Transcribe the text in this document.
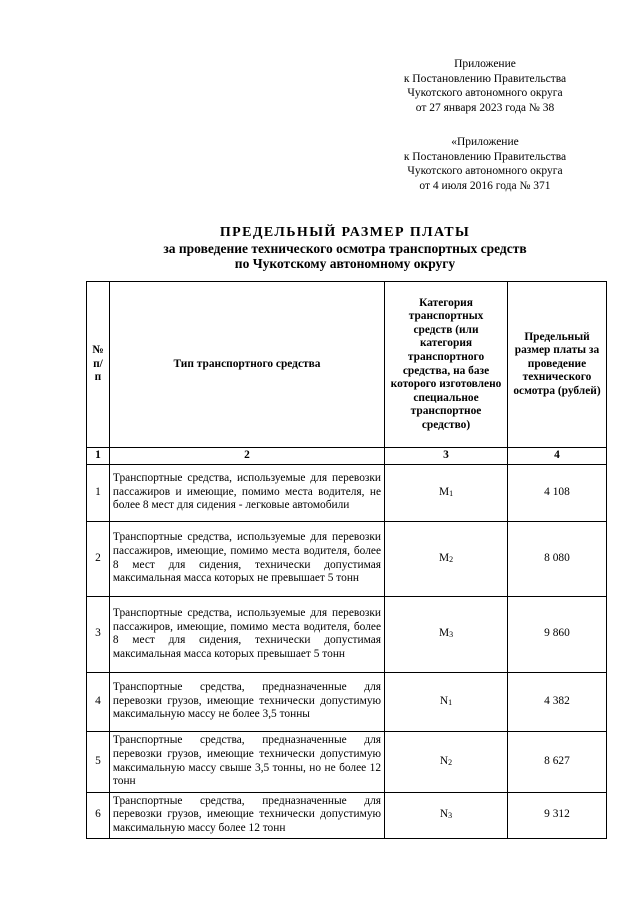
Приложение
к Постановлению Правительства
Чукотского автономного округа
от 27 января 2023 года № 38
«Приложение
к Постановлению Правительства
Чукотского автономного округа
от 4 июля 2016 года № 371
ПРЕДЕЛЬНЫЙ РАЗМЕР ПЛАТЫ
за проведение технического осмотра транспортных средств
по Чукотскому автономному округу
№ п/п	Тип транспортного средства	Категория транспортных средств (или категория транспортного средства, на базе которого изготовлено специальное транспортное средство)	Предельный размер платы за проведение технического осмотра (рублей)
1	2	3	4
1	Транспортные средства, используемые для перевозки пассажиров и имеющие, помимо места водителя, не более 8 мест для сидения - легковые автомобили	$M_1$	4 108
2	Транспортные средства, используемые для перевозки пассажиров, имеющие, помимо места водителя, более 8 мест для сидения, технически допустимая максимальная масса которых не превышает 5 тонн	$M_2$	8 080
3	Транспортные средства, используемые для перевозки пассажиров, имеющие, помимо места водителя, более 8 мест для сидения, технически допустимая максимальная масса которых превышает 5 тонн	$M_3$	9 860
4	Транспортные средства, предназначенные для перевозки грузов, имеющие технически допустимую максимальную массу не более 3,5 тонны	$N_1$	4 382
5	Транспортные средства, предназначенные для перевозки грузов, имеющие технически допустимую максимальную массу свыше 3,5 тонны, но не более 12 тонн	$N_2$	8 627
6	Транспортные средства, предназначенные для перевозки грузов, имеющие технически допустимую максимальную массу более 12 тонн	$N_3$	9 312
